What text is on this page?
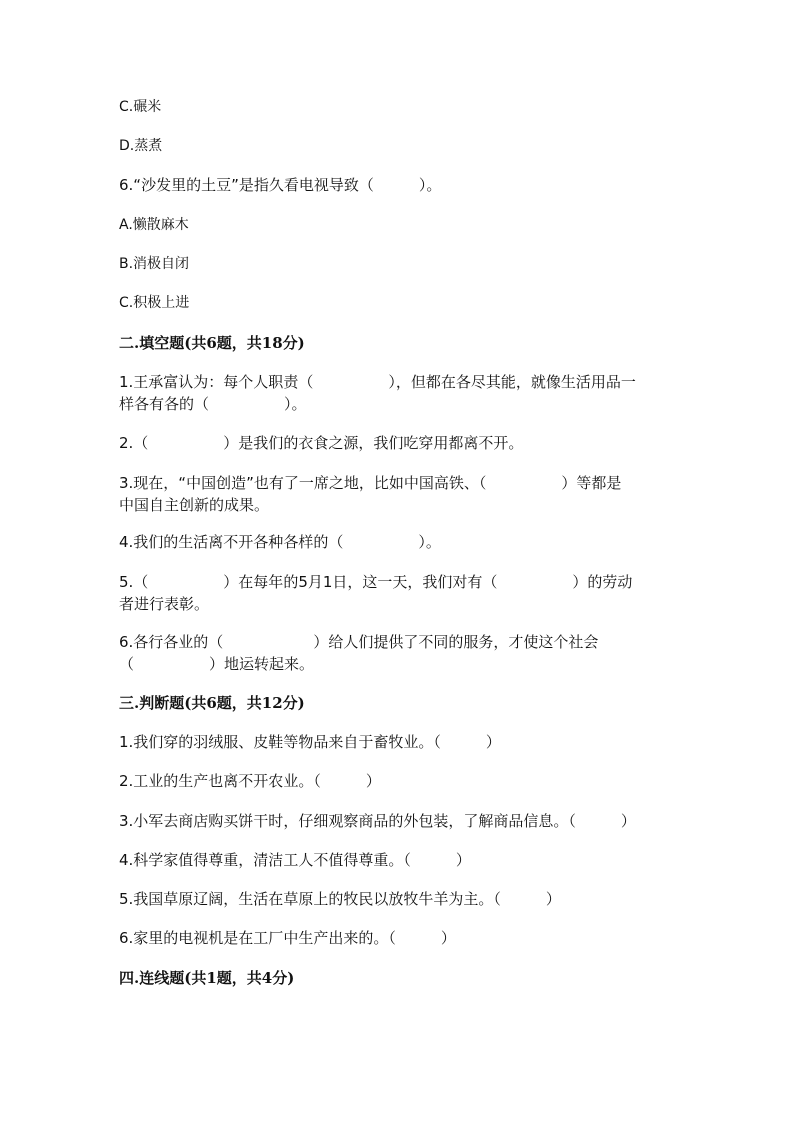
C.碾米
D.蒸煮
6.“沙发里的土豆”是指久看电视导致（　　　）。
A.懒散麻木
B.消极自闭
C.积极上进
二.填空题(共6题，共18分)
1.王承富认为：每个人职责（　　　　　），但都在各尽其能，就像生活用品一
样各有各的（　　　　　）。
2.（　　　　　）是我们的衣食之源，我们吃穿用都离不开。
3.现在，“中国创造”也有了一席之地，比如中国高铁、（　　　　　）等都是
中国自主创新的成果。
4.我们的生活离不开各种各样的（　　　　　）。
5.（　　　　　）在每年的5月1日，这一天，我们对有（　　　　　）的劳动
者进行表彰。
6.各行各业的（　　　　　　）给人们提供了不同的服务，才使这个社会
（　　　　　）地运转起来。
三.判断题(共6题，共12分)
1.我们穿的羽绒服、皮鞋等物品来自于畜牧业。（　　　）
2.工业的生产也离不开农业。（　　　）
3.小军去商店购买饼干时，仔细观察商品的外包装，了解商品信息。（　　　）
4.科学家值得尊重，清洁工人不值得尊重。（　　　）
5.我国草原辽阔，生活在草原上的牧民以放牧牛羊为主。（　　　）
6.家里的电视机是在工厂中生产出来的。（　　　）
四.连线题(共1题，共4分)
